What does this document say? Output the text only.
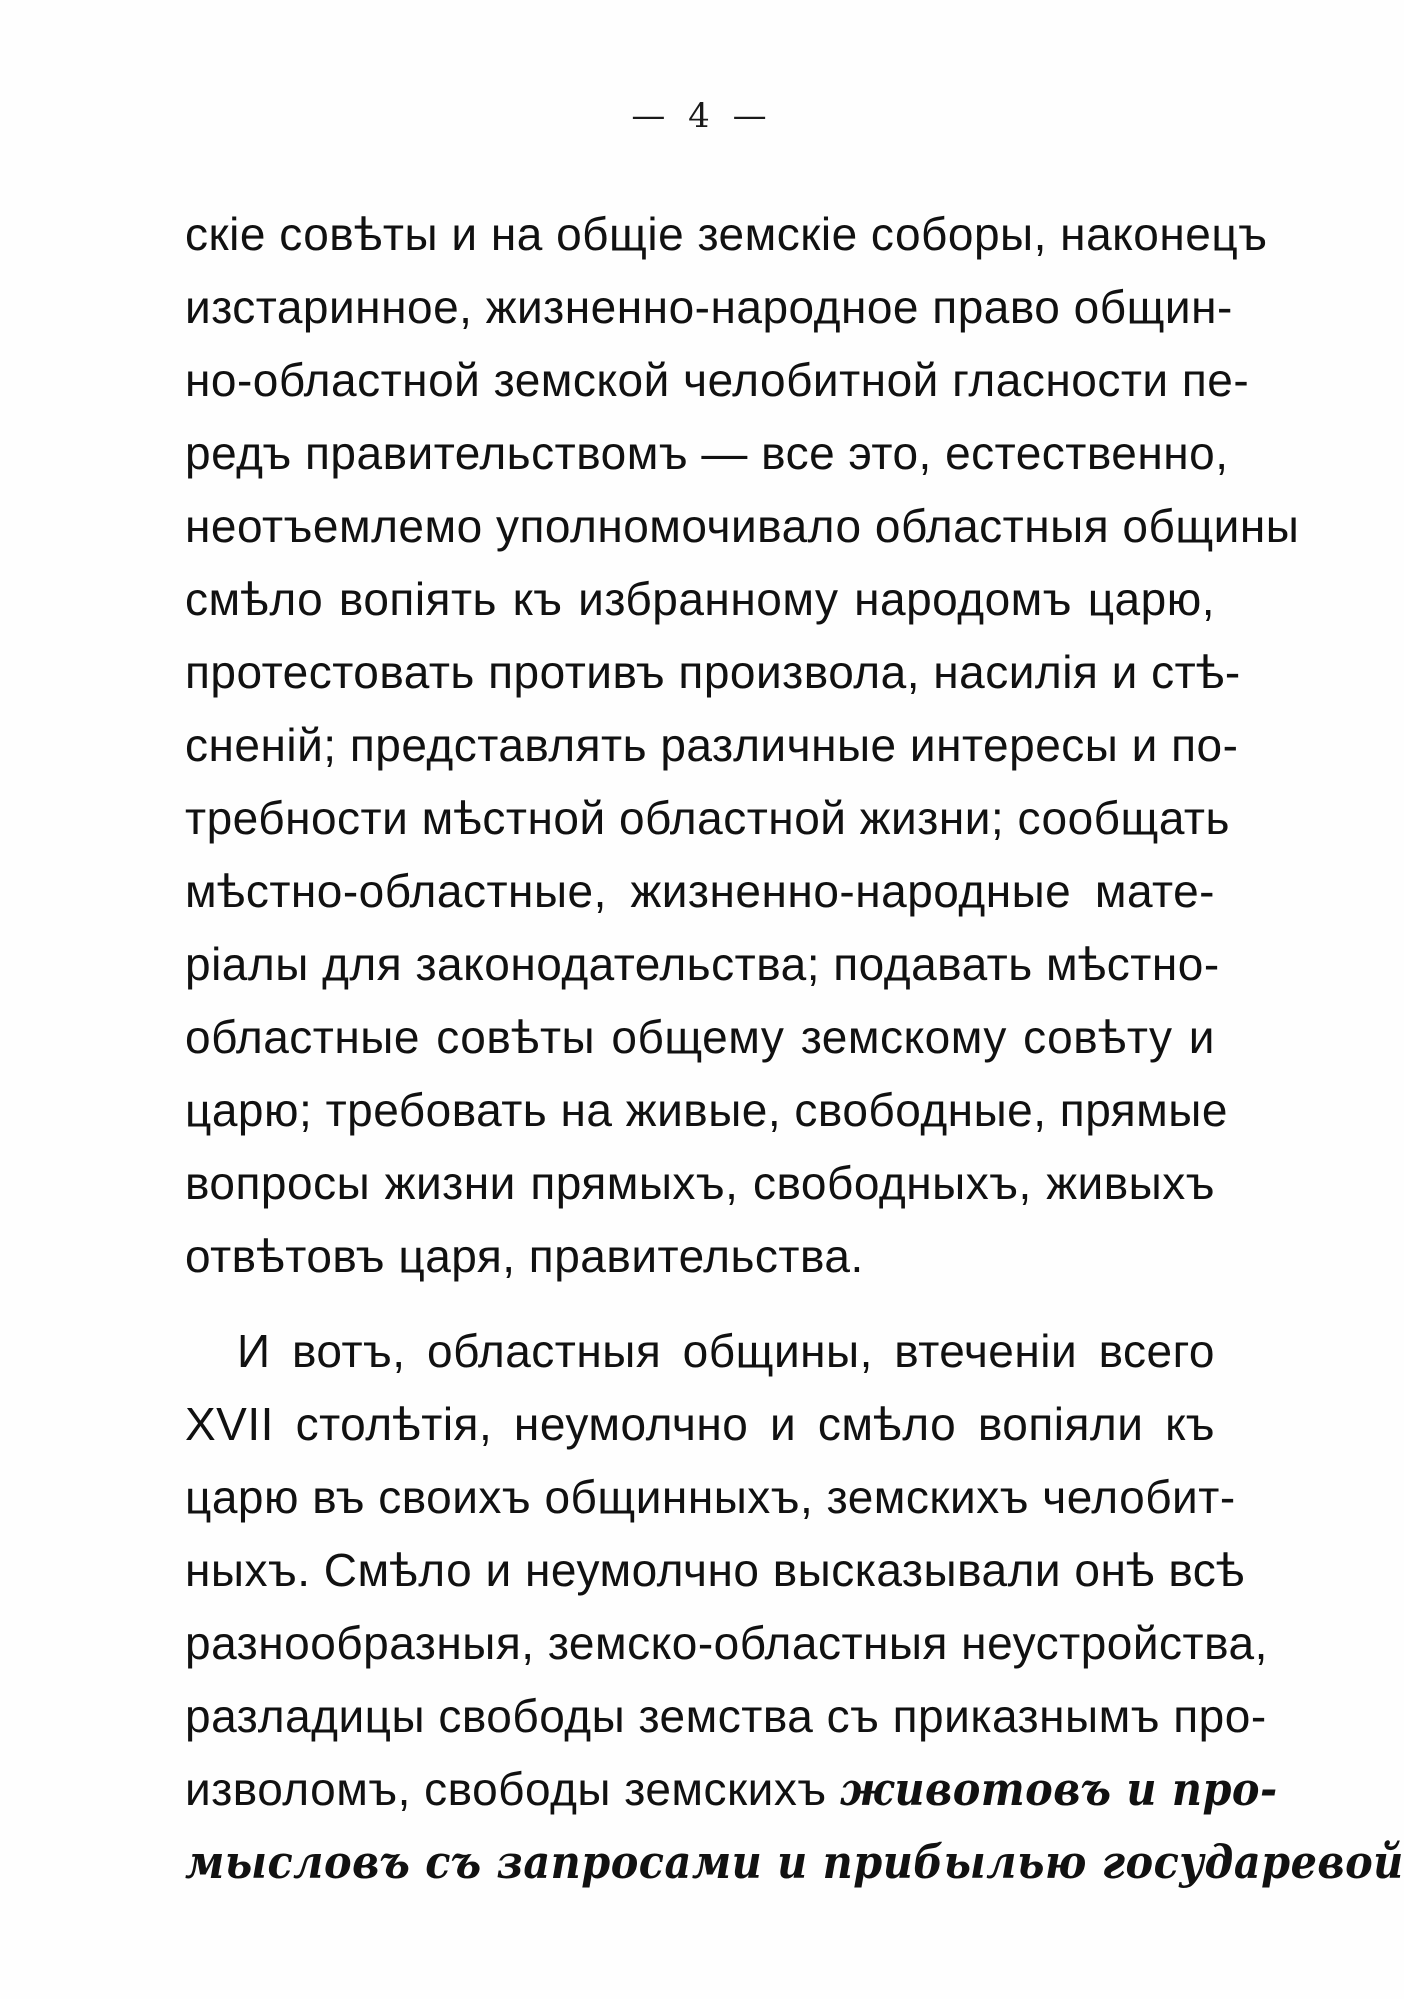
— 4 —
скіе совѣты и на общіе земскіе соборы, наконецъ
изстаринное, жизненно-народное право общин-
но-областной земской челобитной гласности пе-
редъ правительствомъ — все это, естественно,
неотъемлемо уполномочивало областныя общины
смѣло вопіять къ избранному народомъ царю,
протестовать противъ произвола, насилія и стѣ-
сненій; представлять различные интересы и по-
требности мѣстной областной жизни; сообщать
мѣстно-областные, жизненно-народные мате-
ріалы для законодательства; подавать мѣстно-
областные совѣты общему земскому совѣту и
царю; требовать на живые, свободные, прямые
вопросы жизни прямыхъ, свободныхъ, живыхъ
отвѣтовъ царя, правительства.
И вотъ, областныя общины, втеченіи всего
XVII столѣтія, неумолчно и смѣло вопіяли къ
царю въ своихъ общинныхъ, земскихъ челобит-
ныхъ. Смѣло и неумолчно высказывали онѣ всѣ
разнообразныя, земско-областныя неустройства,
разладицы свободы земства съ приказнымъ про-
изволомъ, свободы земскихъ животовъ и про-
мысловъ съ запросами и прибылью государевой
